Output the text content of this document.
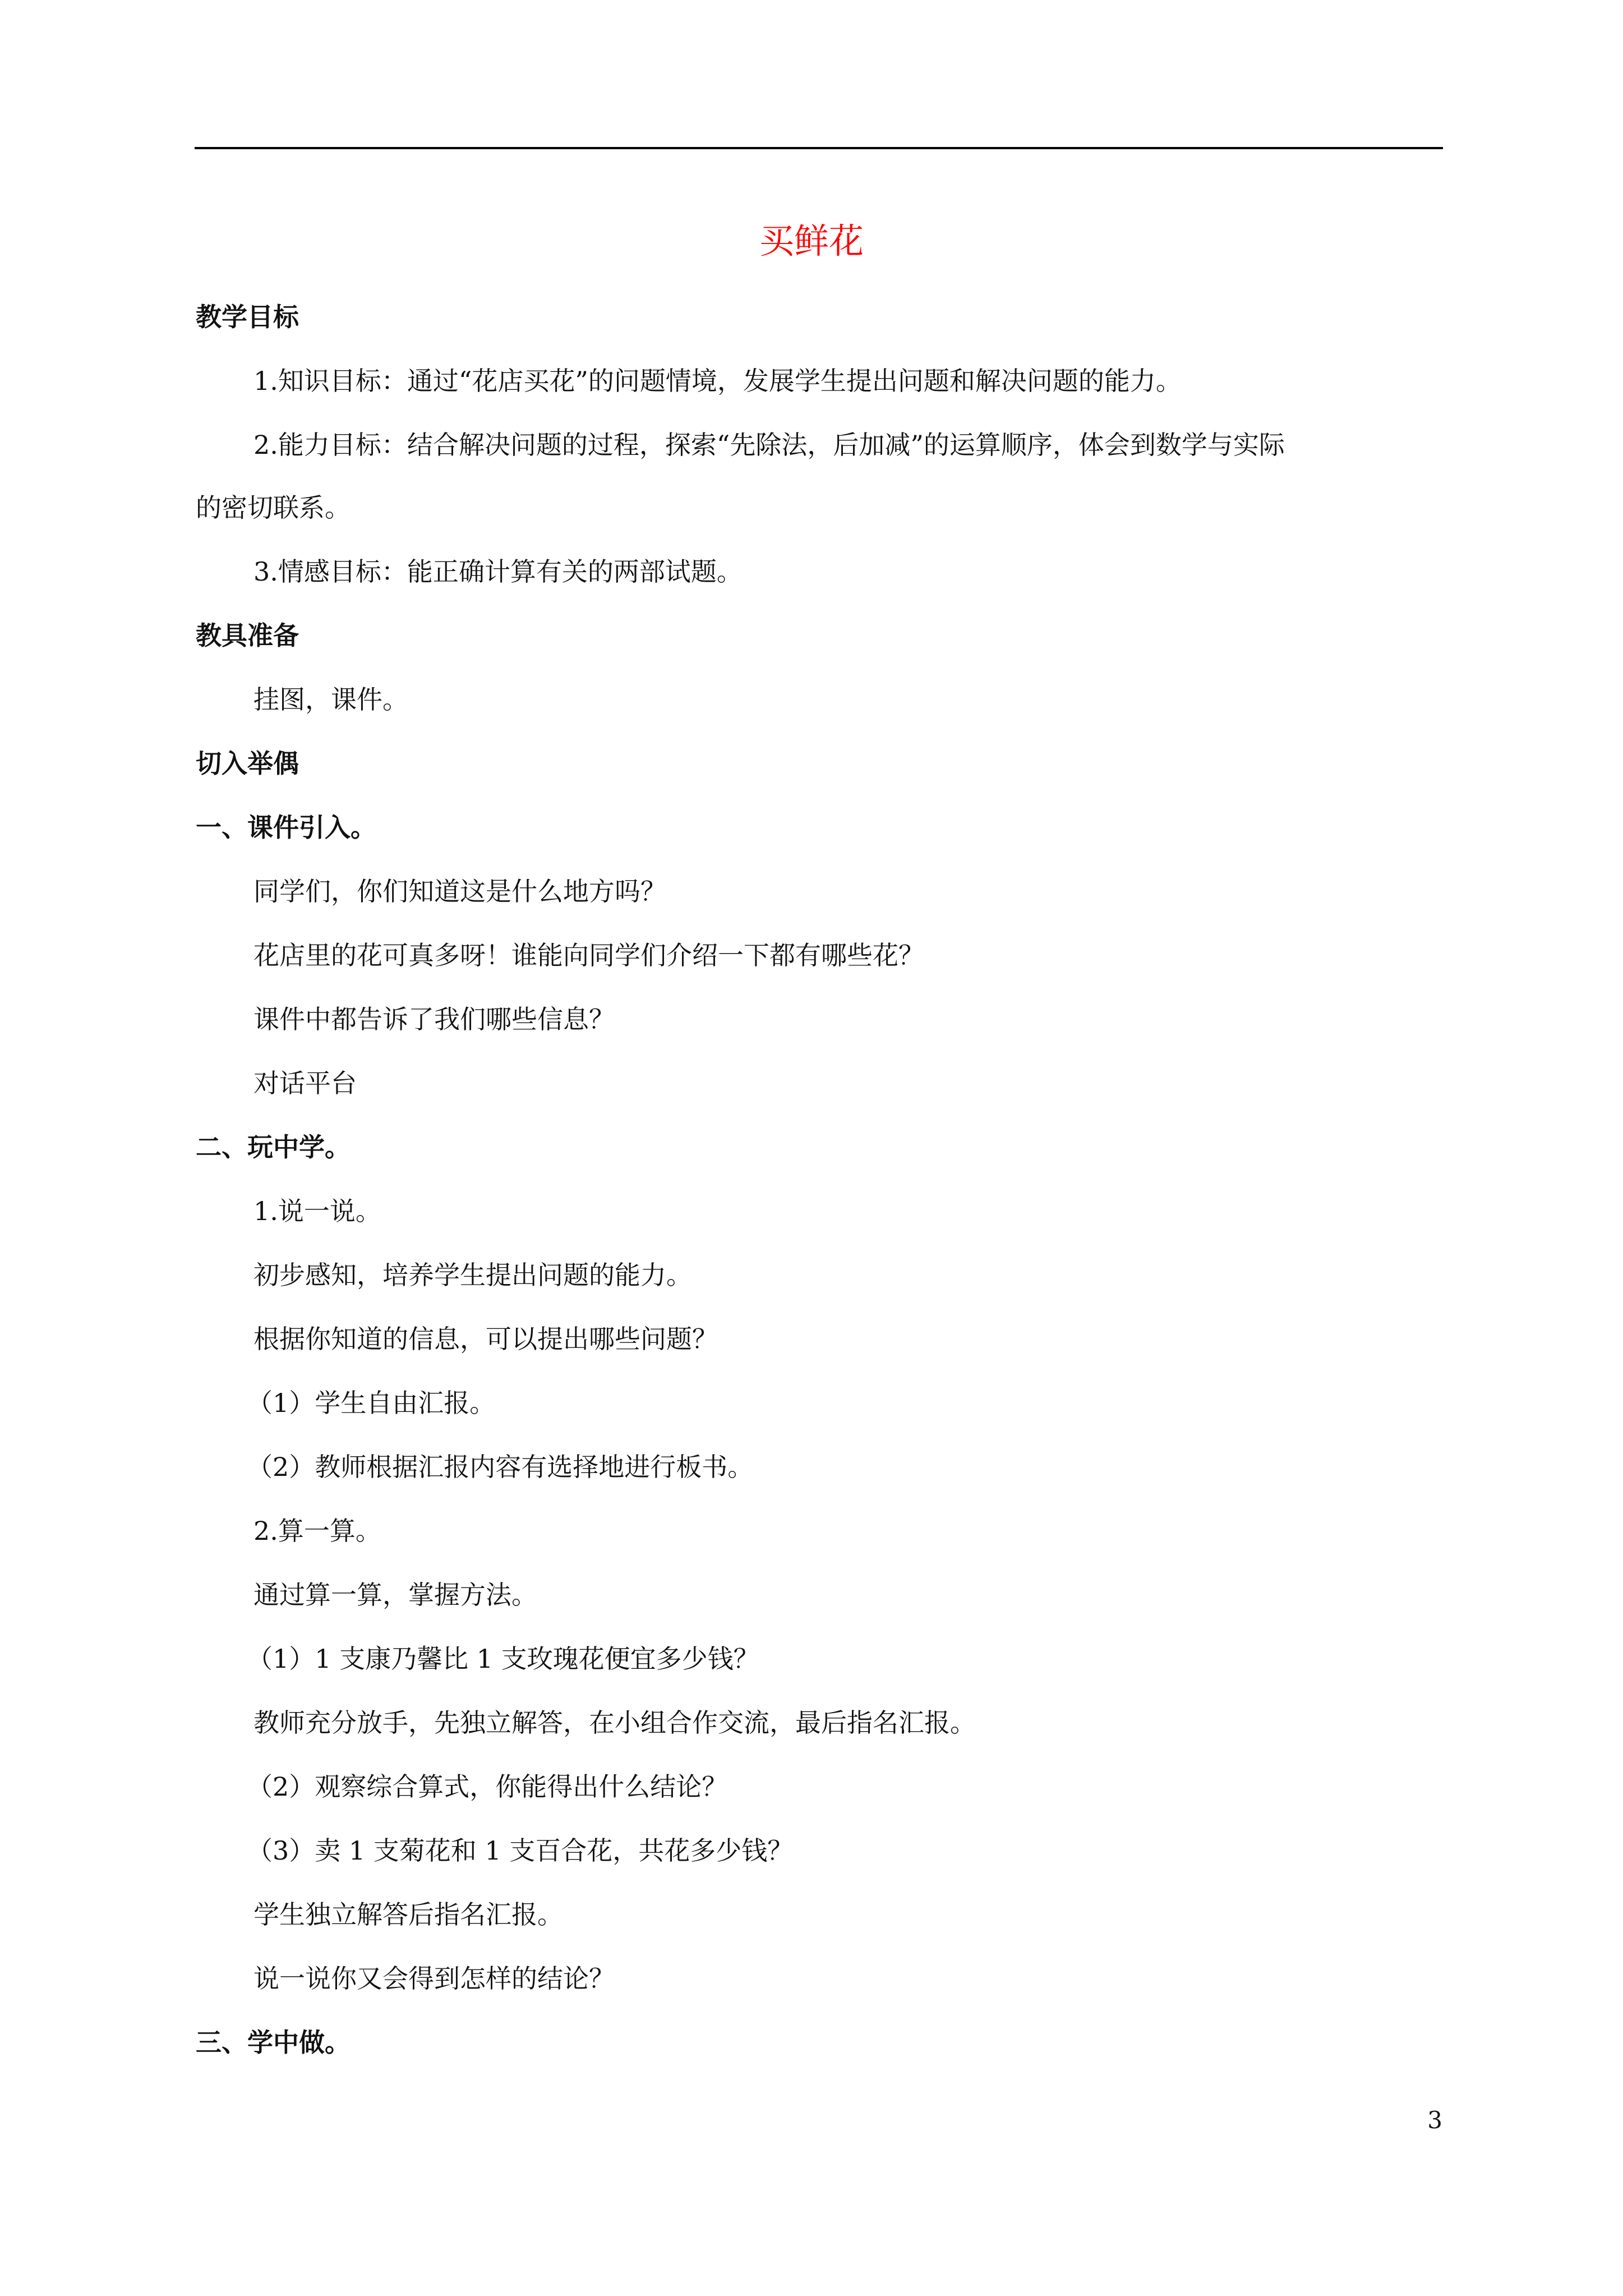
买鲜花
教学目标
1.知识目标：通过“花店买花”的问题情境，发展学生提出问题和解决问题的能力。
2.能力目标：结合解决问题的过程，探索“先除法，后加减”的运算顺序，体会到数学与实际
的密切联系。
3.情感目标：能正确计算有关的两部试题。
教具准备
挂图，课件。
切入举偶
一、课件引入。
同学们，你们知道这是什么地方吗？
花店里的花可真多呀！谁能向同学们介绍一下都有哪些花？
课件中都告诉了我们哪些信息？
对话平台
二、玩中学。
1.说一说。
初步感知，培养学生提出问题的能力。
根据你知道的信息，可以提出哪些问题？
（1）学生自由汇报。
（2）教师根据汇报内容有选择地进行板书。
2.算一算。
通过算一算，掌握方法。
（1）1 支康乃馨比 1 支玫瑰花便宜多少钱？
教师充分放手，先独立解答，在小组合作交流，最后指名汇报。
（2）观察综合算式，你能得出什么结论？
（3）卖 1 支菊花和 1 支百合花，共花多少钱？
学生独立解答后指名汇报。
说一说你又会得到怎样的结论？
三、学中做。
3
